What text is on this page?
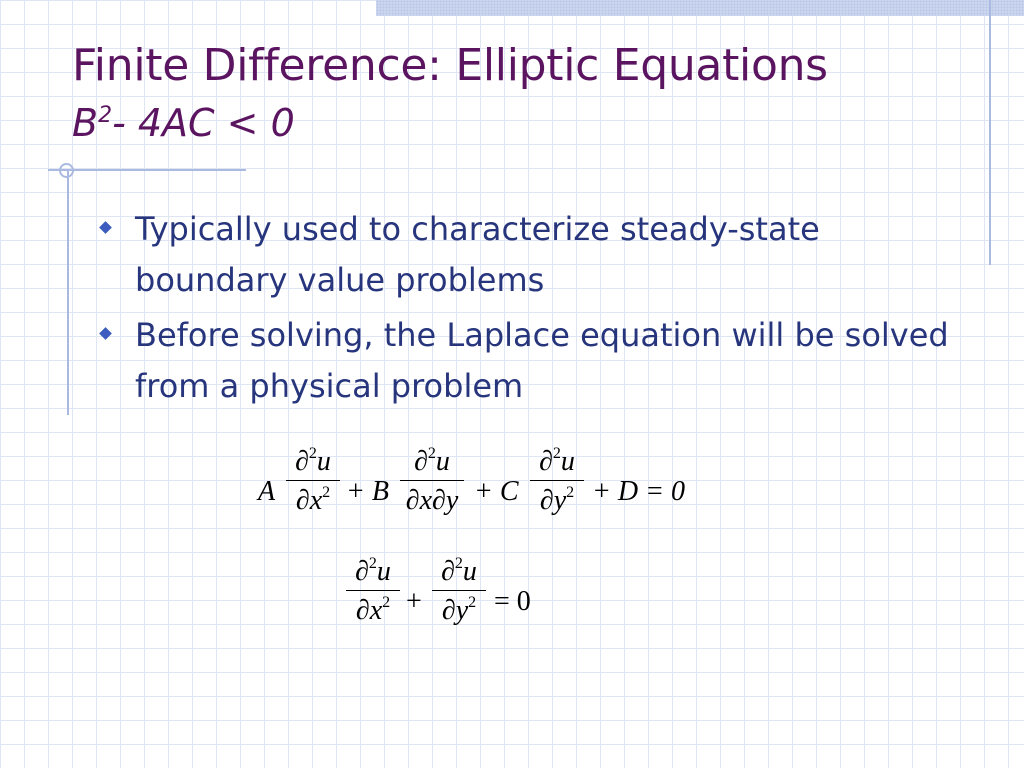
Finite Difference: Elliptic Equations
$B^2-$ 4AC < 0
Typically used to characterize steady-state boundary value problems
Before solving, the Laplace equation will be solved from a physical problem
A
∂$^2$u
$\partial x^2 + B$
∂$^2$u
∂x∂y + C
∂$^2$u
$\partial y^2 + D = 0$
∂$^2$u
$\partial x^2$ +
∂$^2$u
$\partial y^2 = 0$
